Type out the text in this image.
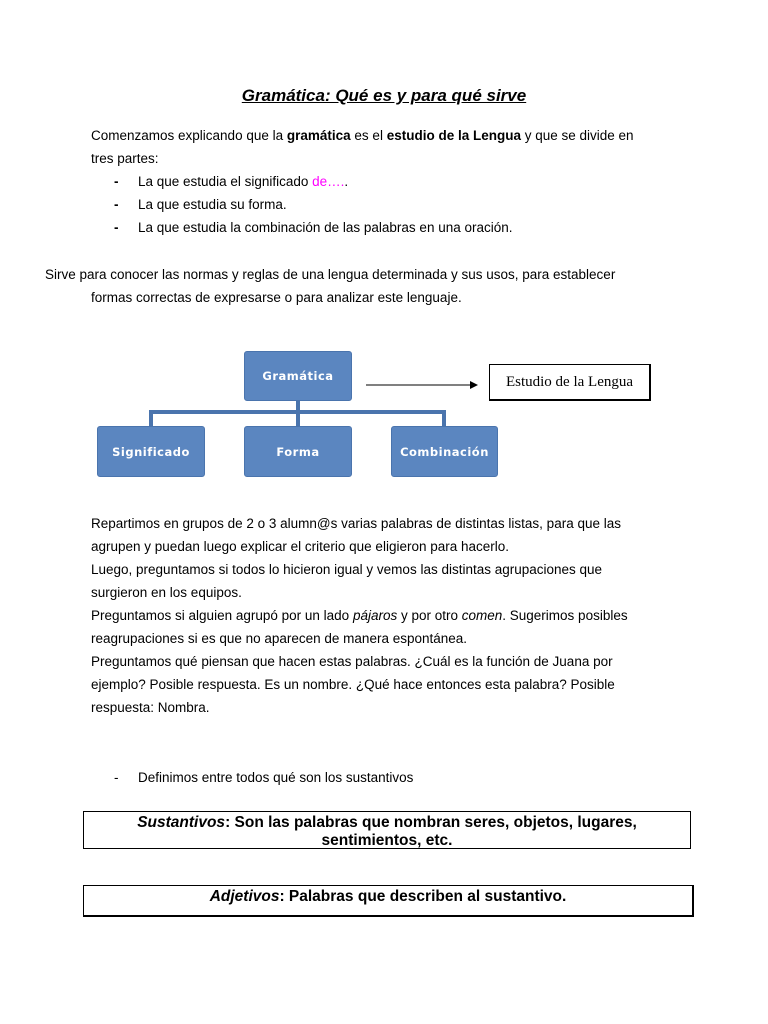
Gramática: Qué es y para qué sirve
Comenzamos explicando que la gramática es el estudio de la Lengua y que se divide en
tres partes:
- La que estudia el significado de…..
- La que estudia su forma.
- La que estudia la combinación de las palabras en una oración.
Sirve para conocer las normas y reglas de una lengua determinada y sus usos, para establecer
formas correctas de expresarse o para analizar este lenguaje.
Gramática
Significado	Forma	Combinación
Estudio de la Lengua
Repartimos en grupos de 2 o 3 alumn@s varias palabras de distintas listas, para que las
agrupen y puedan luego explicar el criterio que eligieron para hacerlo.
Luego, preguntamos si todos lo hicieron igual y vemos las distintas agrupaciones que
surgieron en los equipos.
Preguntamos si alguien agrupó por un lado pájaros y por otro comen. Sugerimos posibles
reagrupaciones si es que no aparecen de manera espontánea.
Preguntamos qué piensan que hacen estas palabras. ¿Cuál es la función de Juana por
ejemplo? Posible respuesta. Es un nombre. ¿Qué hace entonces esta palabra? Posible
respuesta: Nombra.
- Definimos entre todos qué son los sustantivos
Sustantivos: Son las palabras que nombran seres, objetos, lugares,
sentimientos, etc.
Adjetivos: Palabras que describen al sustantivo.
